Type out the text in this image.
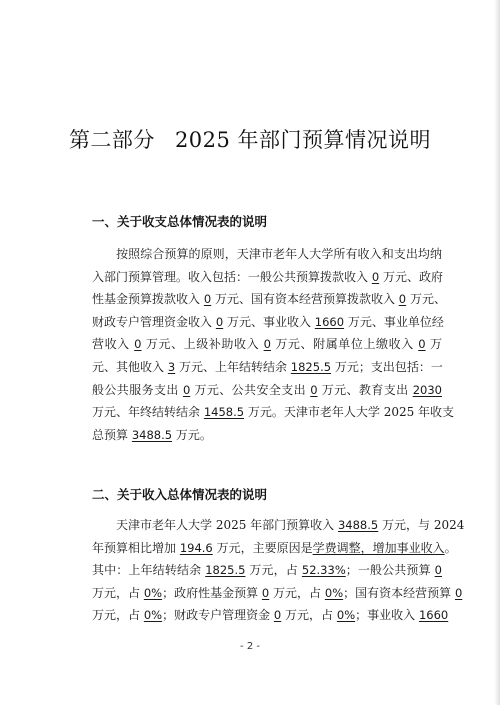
第二部分 2025 年部门预算情况说明
一、关于收支总体情况表的说明
按照综合预算的原则，天津市老年人大学所有收入和支出均纳
入部门预算管理。收入包括：一般公共预算拨款收入 0 万元、政府
性基金预算拨款收入 0 万元、国有资本经营预算拨款收入 0 万元、
财政专户管理资金收入 0 万元、事业收入 1660 万元、事业单位经
营收入 0 万元、上级补助收入 0 万元、附属单位上缴收入 0 万
元、其他收入 3 万元、上年结转结余 1825.5 万元；支出包括：一
般公共服务支出 0 万元、公共安全支出 0 万元、教育支出 2030
万元、年终结转结余 1458.5 万元。天津市老年人大学 2025 年收支
总预算 3488.5 万元。
二、关于收入总体情况表的说明
天津市老年人大学 2025 年部门预算收入 3488.5 万元，与 2024
年预算相比增加 194.6 万元，主要原因是学费调整，增加事业收入。
其中：上年结转结余 1825.5 万元，占 52.33%；一般公共预算 0
万元，占 0%；政府性基金预算 0 万元，占 0%；国有资本经营预算 0
万元，占 0%；财政专户管理资金 0 万元，占 0%；事业收入 1660
- 2 -
